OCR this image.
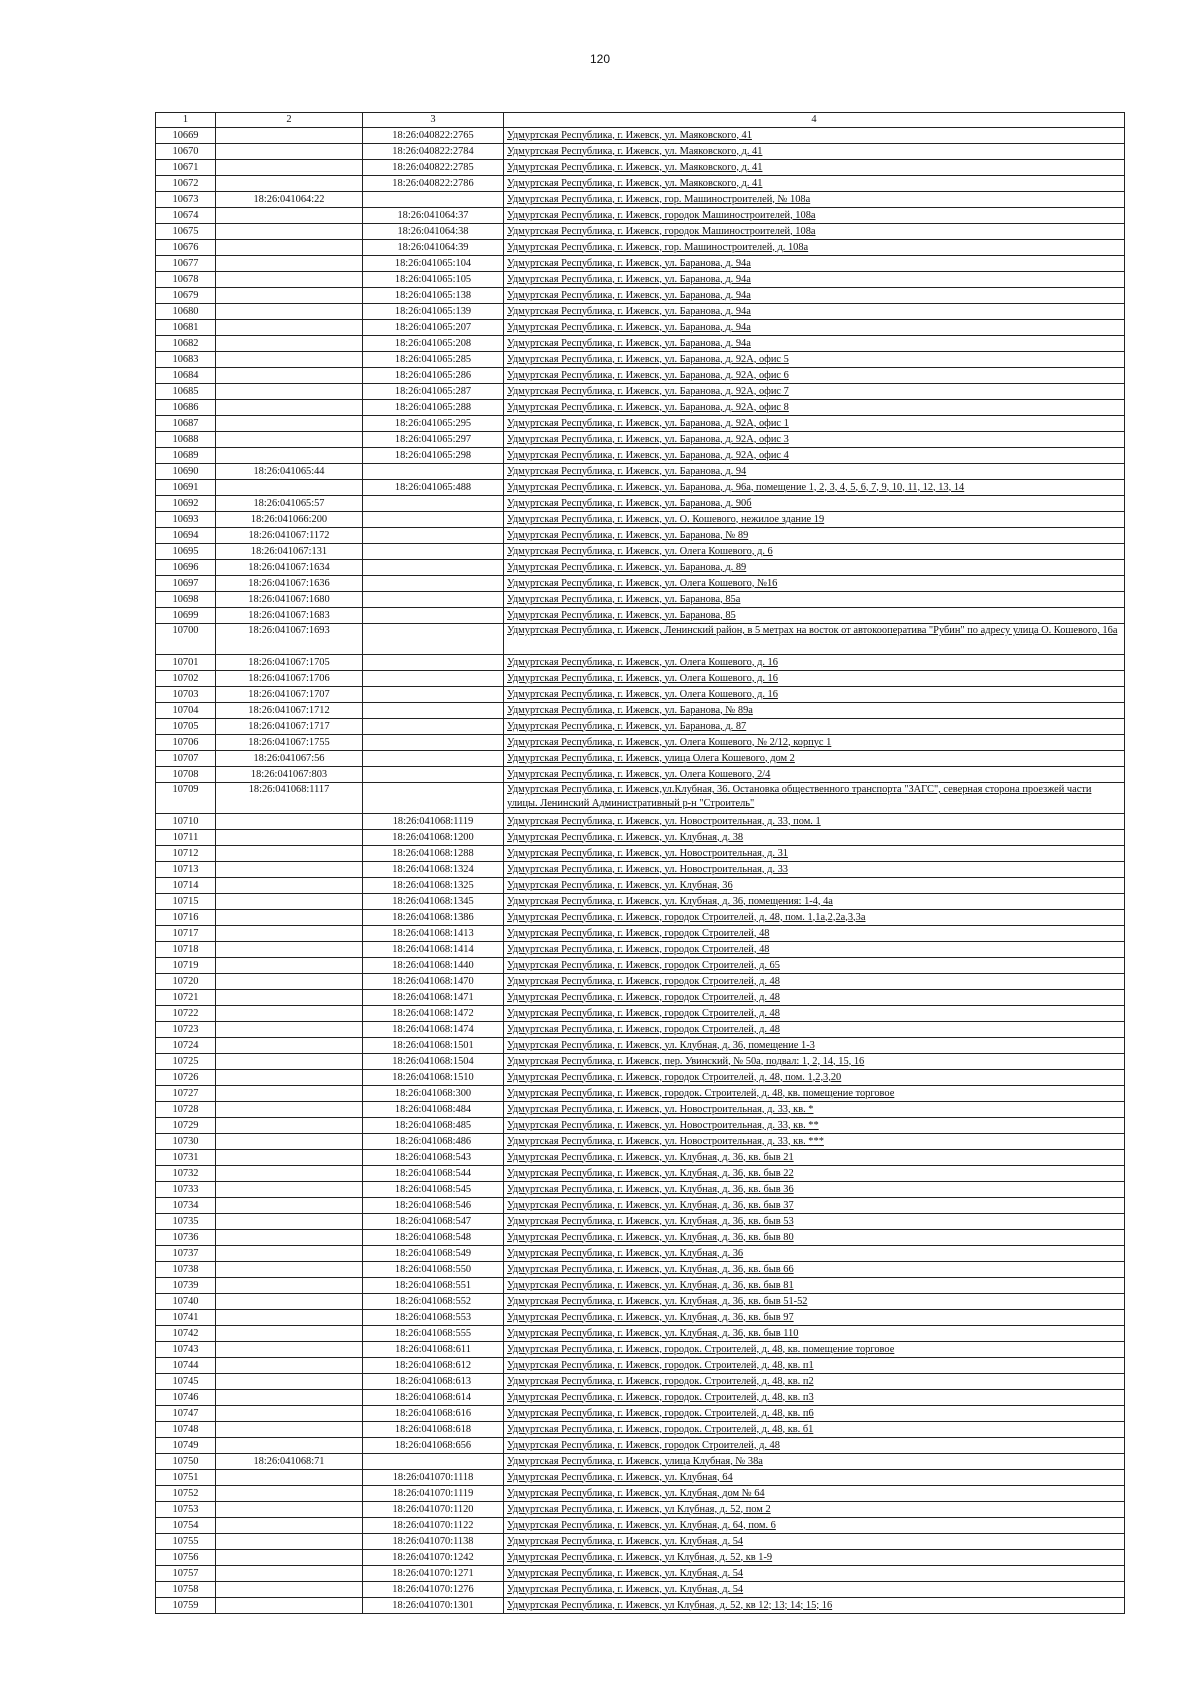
120
1	2	3	4
10669		18:26:040822:2765	Удмуртская Республика, г. Ижевск, ул. Маяковского, 41
10670		18:26:040822:2784	Удмуртская Республика, г. Ижевск, ул. Маяковского, д. 41
10671		18:26:040822:2785	Удмуртская Республика, г. Ижевск, ул. Маяковского, д. 41
10672		18:26:040822:2786	Удмуртская Республика, г. Ижевск, ул. Маяковского, д. 41
10673	18:26:041064:22		Удмуртская Республика, г. Ижевск, гор. Машиностроителей, № 108а
10674		18:26:041064:37	Удмуртская Республика, г. Ижевск, городок Машиностроителей, 108а
10675		18:26:041064:38	Удмуртская Республика, г. Ижевск, городок Машиностроителей, 108а
10676		18:26:041064:39	Удмуртская Республика, г. Ижевск, гор. Машиностроителей, д. 108а
10677		18:26:041065:104	Удмуртская Республика, г. Ижевск, ул. Баранова, д. 94а
10678		18:26:041065:105	Удмуртская Республика, г. Ижевск, ул. Баранова, д. 94а
10679		18:26:041065:138	Удмуртская Республика, г. Ижевск, ул. Баранова, д. 94а
10680		18:26:041065:139	Удмуртская Республика, г. Ижевск, ул. Баранова, д. 94а
10681		18:26:041065:207	Удмуртская Республика, г. Ижевск, ул. Баранова, д. 94а
10682		18:26:041065:208	Удмуртская Республика, г. Ижевск, ул. Баранова, д. 94а
10683		18:26:041065:285	Удмуртская Республика, г. Ижевск, ул. Баранова, д. 92А, офис 5
10684		18:26:041065:286	Удмуртская Республика, г. Ижевск, ул. Баранова, д. 92А, офис 6
10685		18:26:041065:287	Удмуртская Республика, г. Ижевск, ул. Баранова, д. 92А, офис 7
10686		18:26:041065:288	Удмуртская Республика, г. Ижевск, ул. Баранова, д. 92А, офис 8
10687		18:26:041065:295	Удмуртская Республика, г. Ижевск, ул. Баранова, д. 92А, офис 1
10688		18:26:041065:297	Удмуртская Республика, г. Ижевск, ул. Баранова, д. 92А, офис 3
10689		18:26:041065:298	Удмуртская Республика, г. Ижевск, ул. Баранова, д. 92А, офис 4
10690	18:26:041065:44		Удмуртская Республика, г. Ижевск, ул. Баранова, д. 94
10691		18:26:041065:488	Удмуртская Республика, г. Ижевск, ул. Баранова, д. 96а, помещение 1, 2, 3, 4, 5, 6, 7, 9, 10, 11, 12, 13, 14
10692	18:26:041065:57		Удмуртская Республика, г. Ижевск, ул. Баранова, д. 90б
10693	18:26:041066:200		Удмуртская Республика, г. Ижевск, ул. О. Кошевого, нежилое здание 19
10694	18:26:041067:1172		Удмуртская Республика, г. Ижевск, ул. Баранова, № 89
10695	18:26:041067:131		Удмуртская Республика, г. Ижевск, ул. Олега Кошевого, д. 6
10696	18:26:041067:1634		Удмуртская Республика, г. Ижевск, ул. Баранова, д. 89
10697	18:26:041067:1636		Удмуртская Республика, г. Ижевск, ул. Олега Кошевого, №16
10698	18:26:041067:1680		Удмуртская Республика, г. Ижевск, ул. Баранова, 85а
10699	18:26:041067:1683		Удмуртская Республика, г. Ижевск, ул. Баранова, 85
10700	18:26:041067:1693		Удмуртская Республика, г. Ижевск, Ленинский район, в 5 метрах на восток от автокооператива "Рубин" по адресу улица О. Кошевого, 16а
10701	18:26:041067:1705		Удмуртская Республика, г. Ижевск, ул. Олега Кошевого, д. 16
10702	18:26:041067:1706		Удмуртская Республика, г. Ижевск, ул. Олега Кошевого, д. 16
10703	18:26:041067:1707		Удмуртская Республика, г. Ижевск, ул. Олега Кошевого, д. 16
10704	18:26:041067:1712		Удмуртская Республика, г. Ижевск, ул. Баранова, № 89а
10705	18:26:041067:1717		Удмуртская Республика, г. Ижевск, ул. Баранова, д. 87
10706	18:26:041067:1755		Удмуртская Республика, г. Ижевск, ул. Олега Кошевого, № 2/12, корпус 1
10707	18:26:041067:56		Удмуртская Республика, г. Ижевск, улица Олега Кошевого, дом 2
10708	18:26:041067:803		Удмуртская Республика, г. Ижевск, ул. Олега Кошевого, 2/4
10709	18:26:041068:1117		Удмуртская Республика, г. Ижевск,ул.Клубная, 36. Остановка общественного транспорта "ЗАГС", северная сторона проезжей части улицы. Ленинский Административный р-н "Строитель"
10710		18:26:041068:1119	Удмуртская Республика, г. Ижевск, ул. Новостроительная, д. 33, пом. 1
10711		18:26:041068:1200	Удмуртская Республика, г. Ижевск, ул. Клубная, д. 38
10712		18:26:041068:1288	Удмуртская Республика, г. Ижевск, ул. Новостроительная, д. 31
10713		18:26:041068:1324	Удмуртская Республика, г. Ижевск, ул. Новостроительная, д. 33
10714		18:26:041068:1325	Удмуртская Республика, г. Ижевск, ул. Клубная, 36
10715		18:26:041068:1345	Удмуртская Республика, г. Ижевск, ул. Клубная, д. 36, помещения: 1-4, 4а
10716		18:26:041068:1386	Удмуртская Республика, г. Ижевск, городок Строителей, д. 48, пом. 1,1а,2,2а,3,3а
10717		18:26:041068:1413	Удмуртская Республика, г. Ижевск, городок Строителей, 48
10718		18:26:041068:1414	Удмуртская Республика, г. Ижевск, городок Строителей, 48
10719		18:26:041068:1440	Удмуртская Республика, г. Ижевск, городок Строителей, д. 65
10720		18:26:041068:1470	Удмуртская Республика, г. Ижевск, городок Строителей, д. 48
10721		18:26:041068:1471	Удмуртская Республика, г. Ижевск, городок Строителей, д. 48
10722		18:26:041068:1472	Удмуртская Республика, г. Ижевск, городок Строителей, д. 48
10723		18:26:041068:1474	Удмуртская Республика, г. Ижевск, городок Строителей, д. 48
10724		18:26:041068:1501	Удмуртская Республика, г. Ижевск, ул. Клубная, д. 36, помещение 1-3
10725		18:26:041068:1504	Удмуртская Республика, г. Ижевск, пер. Увинский, № 50а, подвал: 1, 2, 14, 15, 16
10726		18:26:041068:1510	Удмуртская Республика, г. Ижевск, городок Строителей, д. 48, пом. 1,2,3,20
10727		18:26:041068:300	Удмуртская Республика, г. Ижевск, городок. Строителей, д. 48, кв. помещение торговое
10728		18:26:041068:484	Удмуртская Республика, г. Ижевск, ул. Новостроительная, д. 33, кв. *
10729		18:26:041068:485	Удмуртская Республика, г. Ижевск, ул. Новостроительная, д. 33, кв. **
10730		18:26:041068:486	Удмуртская Республика, г. Ижевск, ул. Новостроительная, д. 33, кв. ***
10731		18:26:041068:543	Удмуртская Республика, г. Ижевск, ул. Клубная, д. 36, кв. быв 21
10732		18:26:041068:544	Удмуртская Республика, г. Ижевск, ул. Клубная, д. 36, кв. быв 22
10733		18:26:041068:545	Удмуртская Республика, г. Ижевск, ул. Клубная, д. 36, кв. быв 36
10734		18:26:041068:546	Удмуртская Республика, г. Ижевск, ул. Клубная, д. 36, кв. быв 37
10735		18:26:041068:547	Удмуртская Республика, г. Ижевск, ул. Клубная, д. 36, кв. быв 53
10736		18:26:041068:548	Удмуртская Республика, г. Ижевск, ул. Клубная, д. 36, кв. быв 80
10737		18:26:041068:549	Удмуртская Республика, г. Ижевск, ул. Клубная, д. 36
10738		18:26:041068:550	Удмуртская Республика, г. Ижевск, ул. Клубная, д. 36, кв. быв 66
10739		18:26:041068:551	Удмуртская Республика, г. Ижевск, ул. Клубная, д. 36, кв. быв 81
10740		18:26:041068:552	Удмуртская Республика, г. Ижевск, ул. Клубная, д. 36, кв. быв 51-52
10741		18:26:041068:553	Удмуртская Республика, г. Ижевск, ул. Клубная, д. 36, кв. быв 97
10742		18:26:041068:555	Удмуртская Республика, г. Ижевск, ул. Клубная, д. 36, кв. быв 110
10743		18:26:041068:611	Удмуртская Республика, г. Ижевск, городок. Строителей, д. 48, кв. помещение торговое
10744		18:26:041068:612	Удмуртская Республика, г. Ижевск, городок. Строителей, д. 48, кв. п1
10745		18:26:041068:613	Удмуртская Республика, г. Ижевск, городок. Строителей, д. 48, кв. п2
10746		18:26:041068:614	Удмуртская Республика, г. Ижевск, городок. Строителей, д. 48, кв. п3
10747		18:26:041068:616	Удмуртская Республика, г. Ижевск, городок. Строителей, д. 48, кв. п6
10748		18:26:041068:618	Удмуртская Республика, г. Ижевск, городок. Строителей, д. 48, кв. б1
10749		18:26:041068:656	Удмуртская Республика, г. Ижевск, городок Строителей, д. 48
10750	18:26:041068:71		Удмуртская Республика, г. Ижевск, улица Клубная, № 38а
10751		18:26:041070:1118	Удмуртская Республика, г. Ижевск, ул. Клубная, 64
10752		18:26:041070:1119	Удмуртская Республика, г. Ижевск, ул. Клубная, дом № 64
10753		18:26:041070:1120	Удмуртская Республика, г. Ижевск, ул Клубная, д. 52, пом 2
10754		18:26:041070:1122	Удмуртская Республика, г. Ижевск, ул. Клубная, д. 64, пом. 6
10755		18:26:041070:1138	Удмуртская Республика, г. Ижевск, ул. Клубная, д. 54
10756		18:26:041070:1242	Удмуртская Республика, г. Ижевск, ул Клубная, д. 52, кв 1-9
10757		18:26:041070:1271	Удмуртская Республика, г. Ижевск, ул. Клубная, д. 54
10758		18:26:041070:1276	Удмуртская Республика, г. Ижевск, ул. Клубная, д. 54
10759		18:26:041070:1301	Удмуртская Республика, г. Ижевск, ул Клубная, д. 52, кв 12; 13; 14; 15; 16
